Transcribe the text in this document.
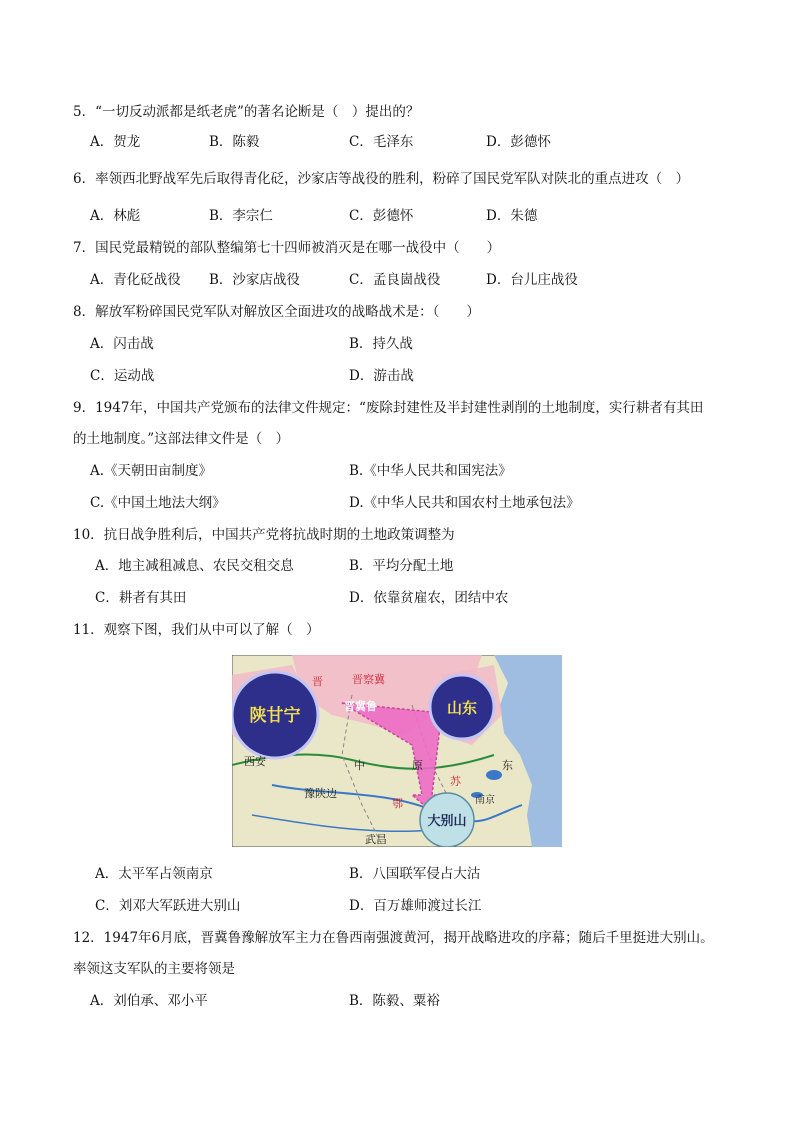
5．“一切反动派都是纸老虎”的著名论断是（　）提出的？
A．贺龙	B．陈毅	C．毛泽东	D．彭德怀
6．率领西北野战军先后取得青化砭，沙家店等战役的胜利，粉碎了国民党军队对陕北的重点进攻（　）
A．林彪	B．李宗仁	C．彭德怀	D．朱德
7．国民党最精锐的部队整编第七十四师被消灭是在哪一战役中（　　）
A．青化砭战役 B．沙家店战役	C．孟良崮战役	D．台儿庄战役
8．解放军粉碎国民党军队对解放区全面进攻的战略战术是：（　　）
A．闪击战	B．持久战
C．运动战	D．游击战
9．1947年，中国共产党颁布的法律文件规定：“废除封建性及半封建性剥削的土地制度，实行耕者有其田
的土地制度。”这部法律文件是（　）
A.《天朝田亩制度》	B.《中华人民共和国宪法》
C.《中国土地法大纲》	D.《中华人民共和国农村土地承包法》
10．抗日战争胜利后，中国共产党将抗战时期的土地政策调整为
A．地主减租减息、农民交租交息	B．平均分配土地
C．耕者有其田	D．依靠贫雇农，团结中农
11．观察下图，我们从中可以了解（　）
陕甘宁	山东
大别山
晋	晋察冀
晋冀鲁
西安	中	原	东
豫陕边
鄂	南京
武昌
苏
A．太平军占领南京	B．八国联军侵占大沽
C．刘邓大军跃进大别山	D．百万雄师渡过长江
12．1947年6月底，晋冀鲁豫解放军主力在鲁西南强渡黄河，揭开战略进攻的序幕；随后千里挺进大别山。
率领这支军队的主要将领是
A．刘伯承、邓小平	B．陈毅、粟裕
